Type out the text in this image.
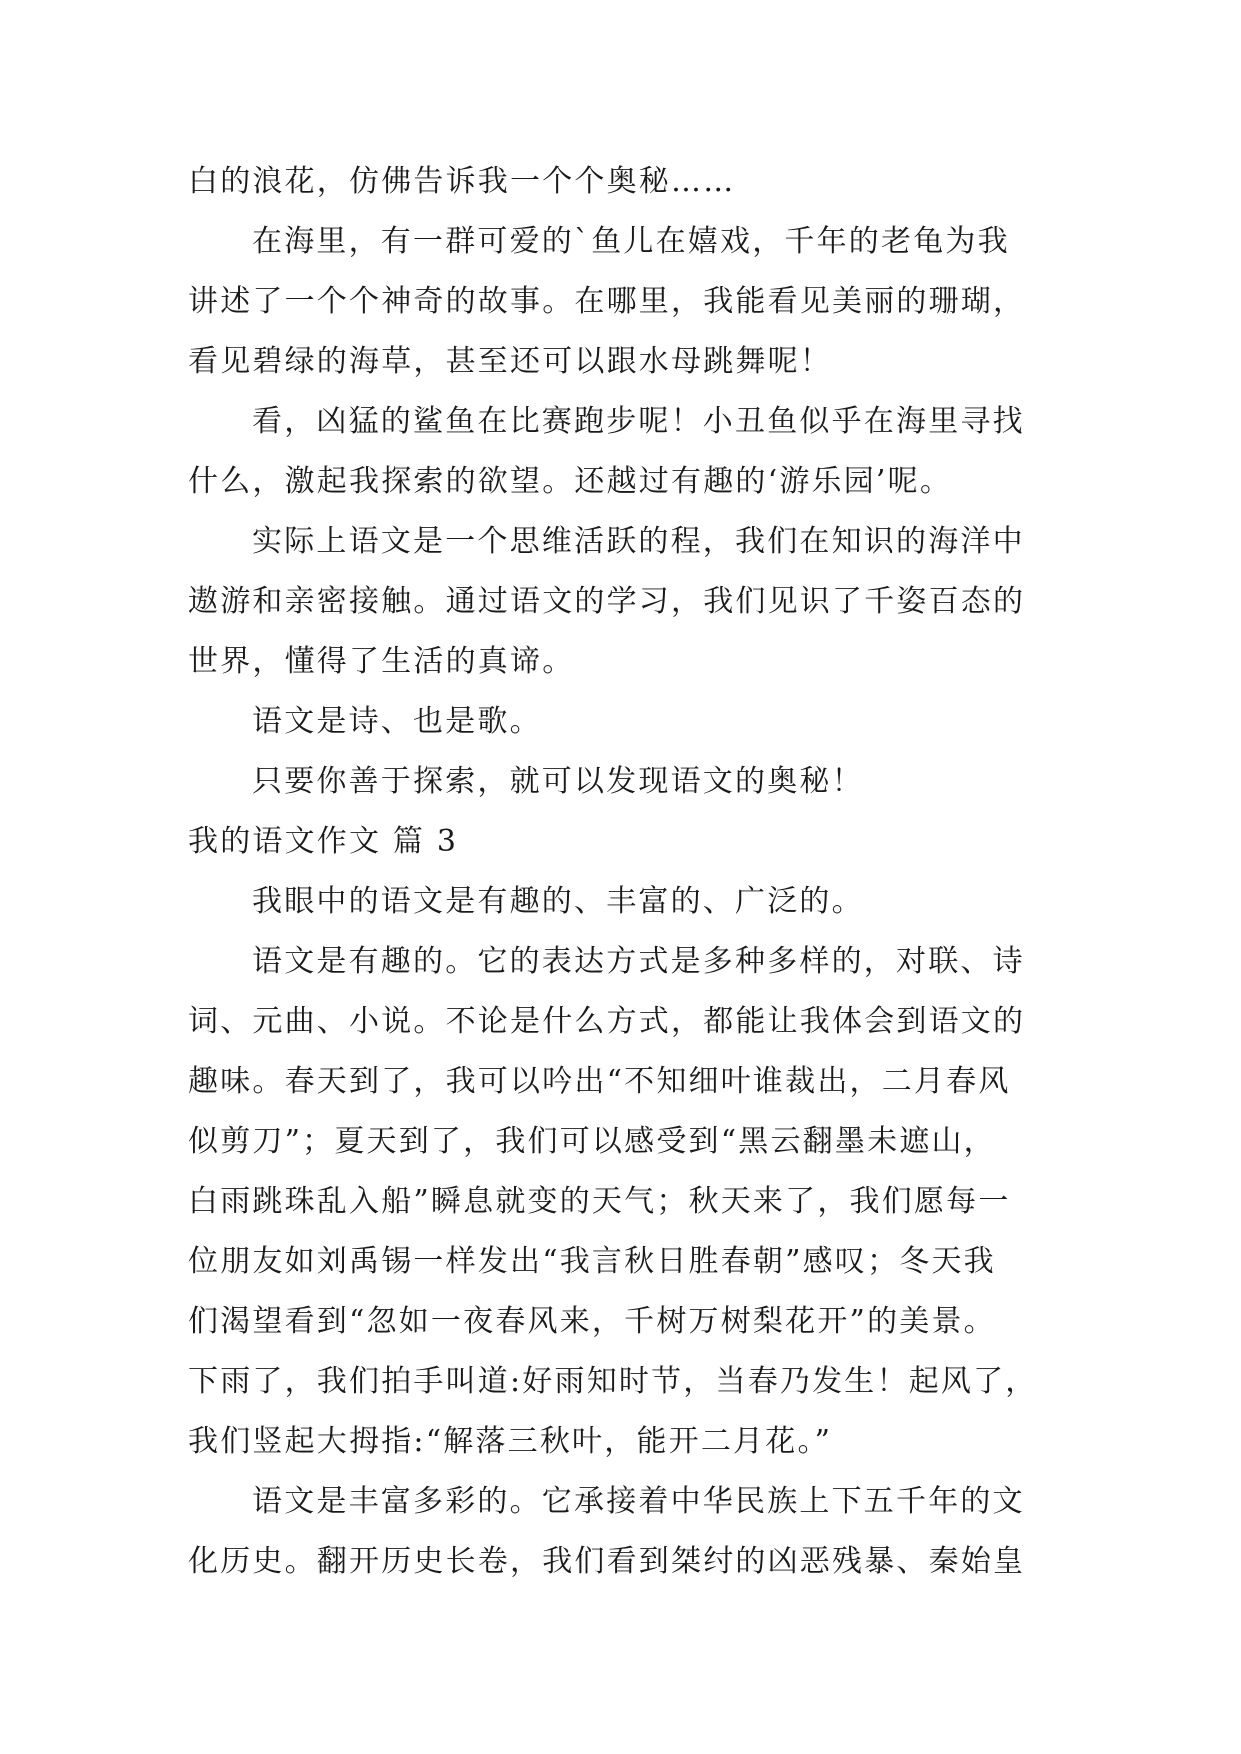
白的浪花，仿佛告诉我一个个奥秘……
在海里，有一群可爱的`鱼儿在嬉戏，千年的老龟为我
讲述了一个个神奇的故事。在哪里，我能看见美丽的珊瑚，
看见碧绿的海草，甚至还可以跟水母跳舞呢！
看，凶猛的鲨鱼在比赛跑步呢！小丑鱼似乎在海里寻找
什么，激起我探索的欲望。还越过有趣的‘游乐园’呢。
实际上语文是一个思维活跃的程，我们在知识的海洋中
遨游和亲密接触。通过语文的学习，我们见识了千姿百态的
世界，懂得了生活的真谛。
语文是诗、也是歌。
只要你善于探索，就可以发现语文的奥秘！
我的语文作文 篇 3
我眼中的语文是有趣的、丰富的、广泛的。
语文是有趣的。它的表达方式是多种多样的，对联、诗
词、元曲、小说。不论是什么方式，都能让我体会到语文的
趣味。春天到了，我可以吟出“不知细叶谁裁出，二月春风
似剪刀”；夏天到了，我们可以感受到“黑云翻墨未遮山，
白雨跳珠乱入船”瞬息就变的天气；秋天来了，我们愿每一
位朋友如刘禹锡一样发出“我言秋日胜春朝”感叹；冬天我
们渴望看到“忽如一夜春风来，千树万树梨花开”的美景。
下雨了，我们拍手叫道:好雨知时节，当春乃发生！起风了，
我们竖起大拇指:“解落三秋叶，能开二月花。”
语文是丰富多彩的。它承接着中华民族上下五千年的文
化历史。翻开历史长卷，我们看到桀纣的凶恶残暴、秦始皇
